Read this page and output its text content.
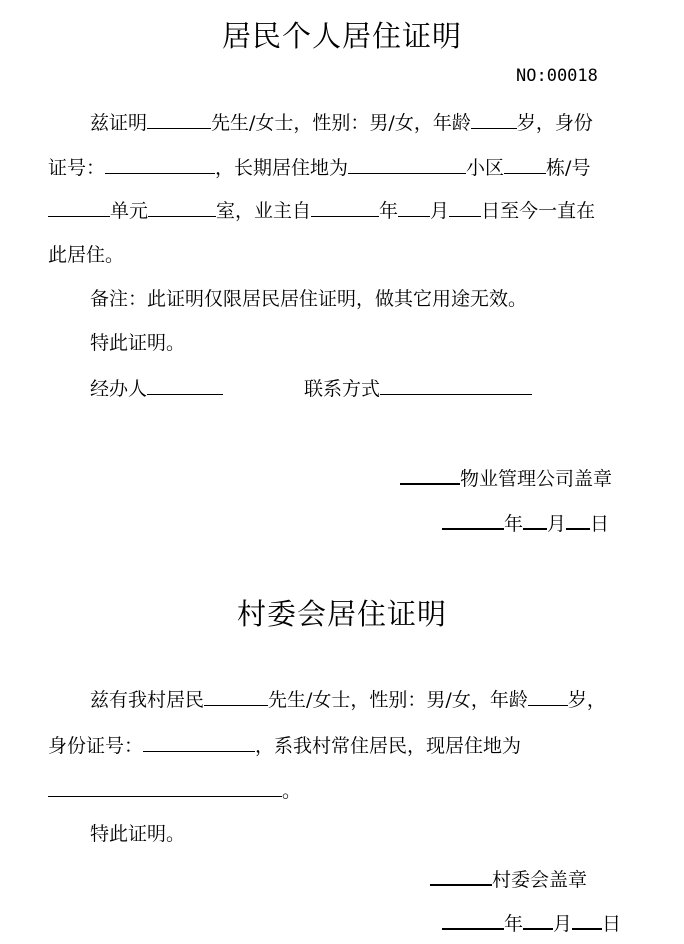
居民个人居住证明
NO:00018
兹证明	先生/女士，性别：男/女，年龄 岁，身份
证号：	，长期居住地为	小区 栋/号
单元	室，业主自	年 月 日至今一直在
此居住。
备注：此证明仅限居民居住证明，做其它用途无效。
特此证明。
经办人	联系方式
物业管理公司盖章
年 月 日
村委会居住证明
兹有我村居民	先生/女士，性别：男/女，年龄 岁，
身份证号：	，系我村常住居民，现居住地为
。
特此证明。
村委会盖章
年 月 日
